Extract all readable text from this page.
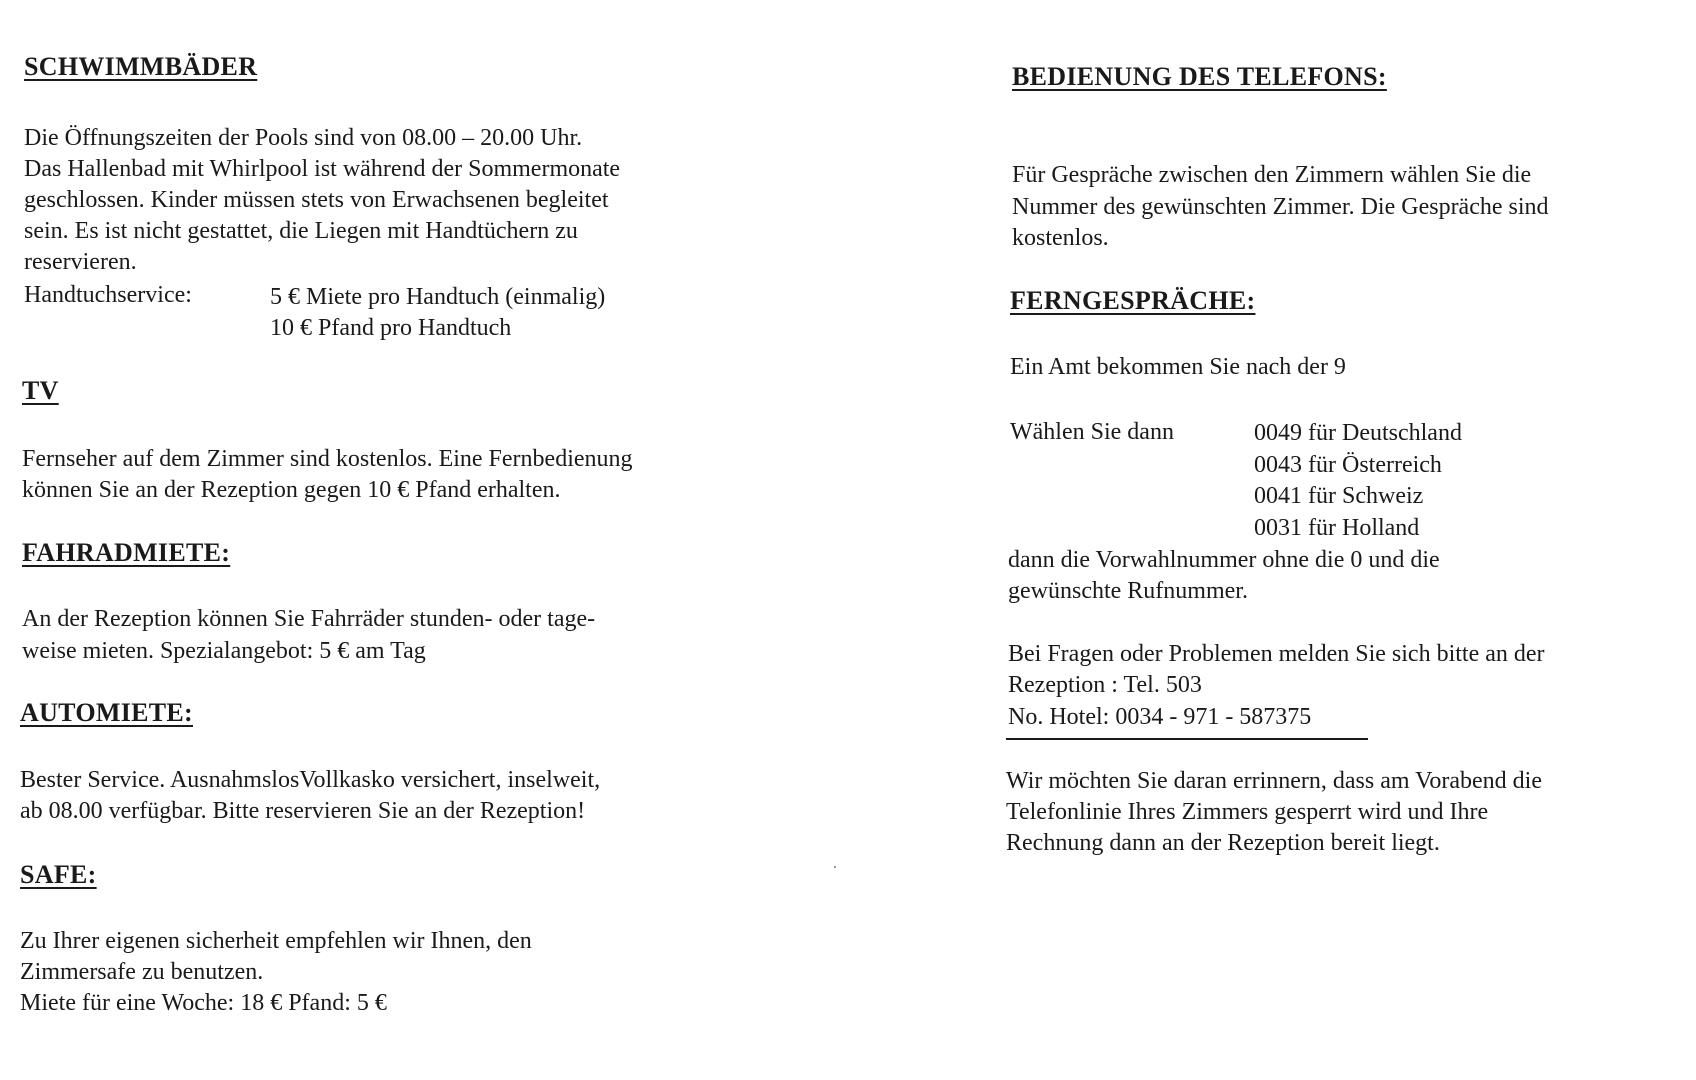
SCHWIMMBÄDER
Die Öffnungszeiten der Pools sind von 08.00 – 20.00 Uhr.
Das Hallenbad mit Whirlpool ist während der Sommermonate
geschlossen. Kinder müssen stets von Erwachsenen begleitet
sein. Es ist nicht gestattet, die Liegen mit Handtüchern zu
reservieren.
Handtuchservice:	5 € Miete pro Handtuch (einmalig)
10 € Pfand pro Handtuch
TV
Fernseher auf dem Zimmer sind kostenlos. Eine Fernbedienung
können Sie an der Rezeption gegen 10 € Pfand erhalten.
FAHRADMIETE:
An der Rezeption können Sie Fahrräder stunden- oder tage-
weise mieten. Spezialangebot: 5 € am Tag
AUTOMIETE:
Bester Service. AusnahmslosVollkasko versichert, inselweit,
ab 08.00 verfügbar. Bitte reservieren Sie an der Rezeption!
SAFE:
Zu Ihrer eigenen sicherheit empfehlen wir Ihnen, den
Zimmersafe zu benutzen.
Miete für eine Woche: 18 € Pfand: 5 €
BEDIENUNG DES TELEFONS:
Für Gespräche zwischen den Zimmern wählen Sie die
Nummer des gewünschten Zimmer. Die Gespräche sind
kostenlos.
FERNGESPRÄCHE:
Ein Amt bekommen Sie nach der 9
Wählen Sie dann	0049 für Deutschland
0043 für Österreich
0041 für Schweiz
0031 für Holland
dann die Vorwahlnummer ohne die 0 und die
gewünschte Rufnummer.
Bei Fragen oder Problemen melden Sie sich bitte an der
Rezeption : Tel. 503
No. Hotel: 0034 - 971 - 587375
Wir möchten Sie daran errinnern, dass am Vorabend die
Telefonlinie Ihres Zimmers gesperrt wird und Ihre
Rechnung dann an der Rezeption bereit liegt.
